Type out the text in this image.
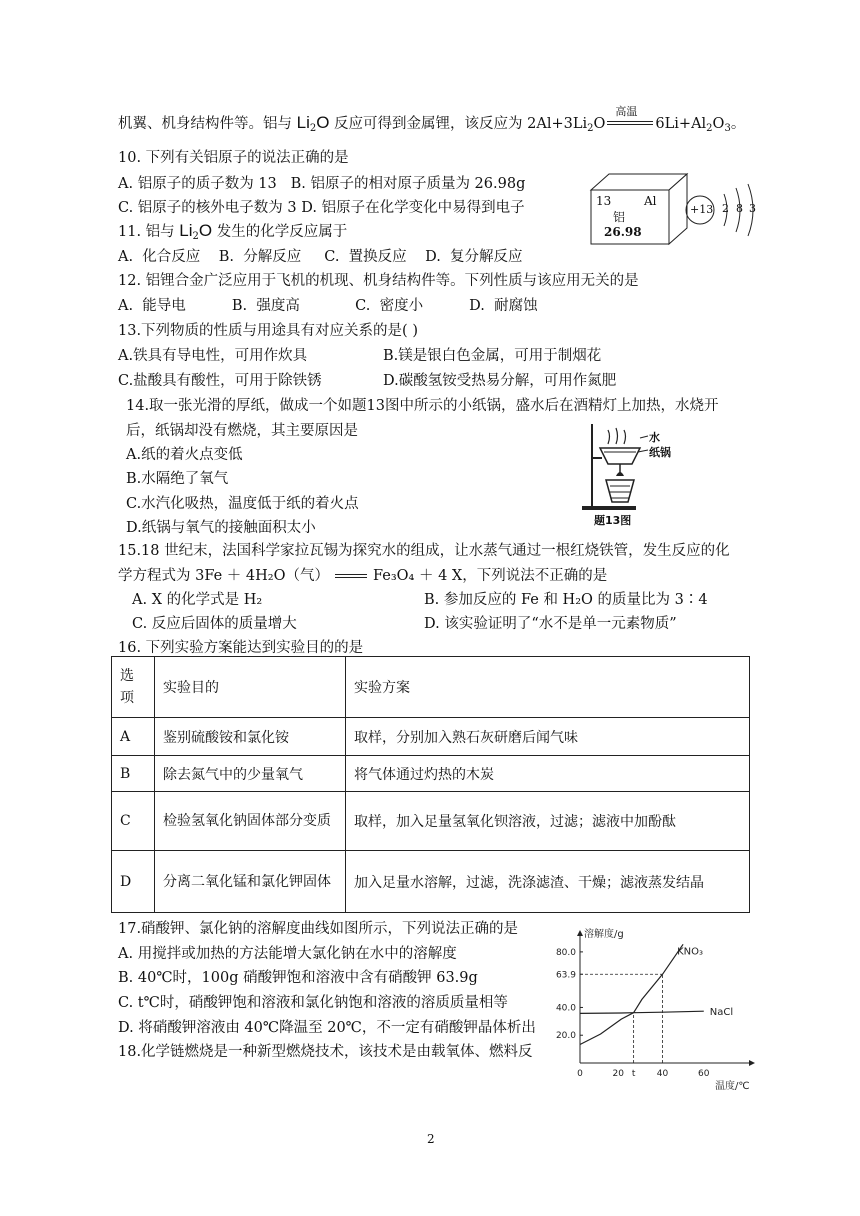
机翼、机身结构件等。铝与 $Li_2O$ 反应可得到金属锂，该反应为 $2Al+3Li_2O$
高温
$6Li+Al_2O_3$。
10. 下列有关铝原子的说法正确的是
A. 铝原子的质子数为 13 B. 铝原子的相对原子质量为 26.98g
C. 铝原子的核外电子数为 3 D. 铝原子在化学变化中易得到电子	13	Al
铝
26.98
+13 2 8 3
11. 铝与 $Li_2O$ 发生的化学反应属于
A.  化合反应    B.  分解反应     C.  置换反应    D.  复分解反应
12. 铝锂合金广泛应用于飞机的机现、机身结构件等。下列性质与该应用无关的是
A.  能导电          B.  强度高            C.  密度小          D.  耐腐蚀
13.下列物质的性质与用途具有对应关系的是( )
A.铁具有导电性，可用作炊具	B.镁是银白色金属，可用于制烟花
C.盐酸具有酸性，可用于除铁锈	D.碳酸氢铵受热易分解，可用作氮肥
14.取一张光滑的厚纸，做成一个如题13图中所示的小纸锅，盛水后在酒精灯上加热，水烧开
后，纸锅却没有燃烧，其主要原因是
A.纸的着火点变低
B.水隔绝了氧气
C.水汽化吸热，温度低于纸的着火点
D.纸锅与氧气的接触面积太小
水
纸锅
题13图
15.18 世纪末，法国科学家拉瓦锡为探究水的组成，让水蒸气通过一根红烧铁管，发生反应的化
学方程式为 3Fe ＋ 4H₂O（气）	Fe₃O₄ ＋ 4 X，下列说法不正确的是
A. X 的化学式是 H₂	B. 参加反应的 Fe 和 H₂O 的质量比为 3∶4
C. 反应后固体的质量增大	D. 该实验证明了“水不是单一元素物质”
16. 下列实验方案能达到实验目的的是
选项	实验目的	实验方案
A	鉴别硫酸铵和氯化铵	取样，分别加入熟石灰研磨后闻气味
B	除去氮气中的少量氧气	将气体通过灼热的木炭
C	检验氢氧化钠固体部分变质	取样，加入足量氢氧化钡溶液，过滤；滤液中加酚酞
D	分离二氧化锰和氯化钾固体	加入足量水溶解，过滤，洗涤滤渣、干燥；滤液蒸发结晶
17.硝酸钾、氯化钠的溶解度曲线如图所示，下列说法正确的是
A. 用搅拌或加热的方法能增大氯化钠在水中的溶解度
B. 40℃时，100g 硝酸钾饱和溶液中含有硝酸钾 63.9g
C. t℃时，硝酸钾饱和溶液和氯化钠饱和溶液的溶质质量相等
D. 将硝酸钾溶液由 40℃降温至 20℃，不一定有硝酸钾晶体析出
18.化学链燃烧是一种新型燃烧技术，该技术是由载氧体、燃料反
溶解度/g
温度/℃
20.0
40.0
63.9
80.0
0	20 t 40	60
KNO₃
NaCl
2
